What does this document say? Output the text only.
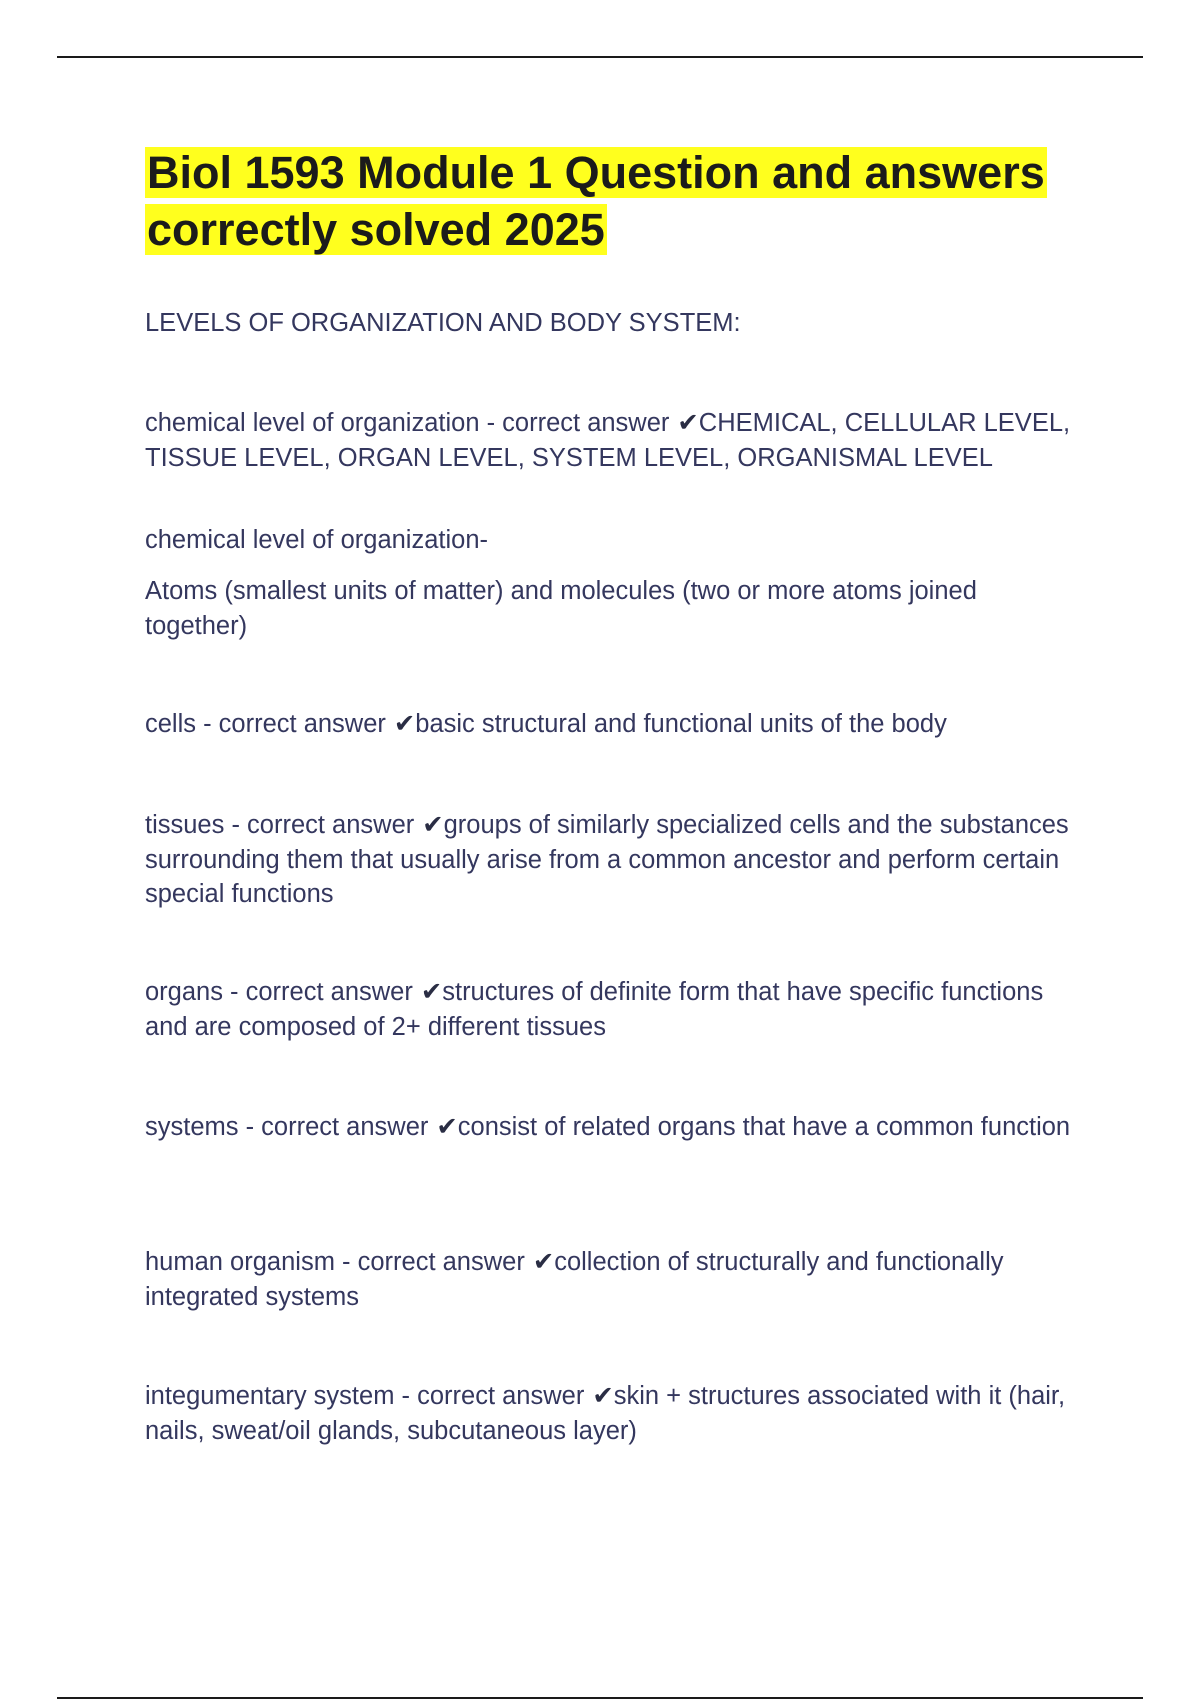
Biol 1593 Module 1 Question and answers correctly solved 2025

LEVELS OF ORGANIZATION AND BODY SYSTEM:

chemical level of organization - correct answer ✔CHEMICAL, CELLULAR LEVEL, TISSUE LEVEL, ORGAN LEVEL, SYSTEM LEVEL, ORGANISMAL LEVEL

chemical level of organization-

Atoms (smallest units of matter) and molecules (two or more atoms joined together)

cells - correct answer ✔basic structural and functional units of the body

tissues - correct answer ✔groups of similarly specialized cells and the substances surrounding them that usually arise from a common ancestor and perform certain special functions

organs - correct answer ✔structures of definite form that have specific functions and are composed of 2+ different tissues

systems - correct answer ✔consist of related organs that have a common function

human organism - correct answer ✔collection of structurally and functionally integrated systems

integumentary system - correct answer ✔skin + structures associated with it (hair, nails, sweat/oil glands, subcutaneous layer)
